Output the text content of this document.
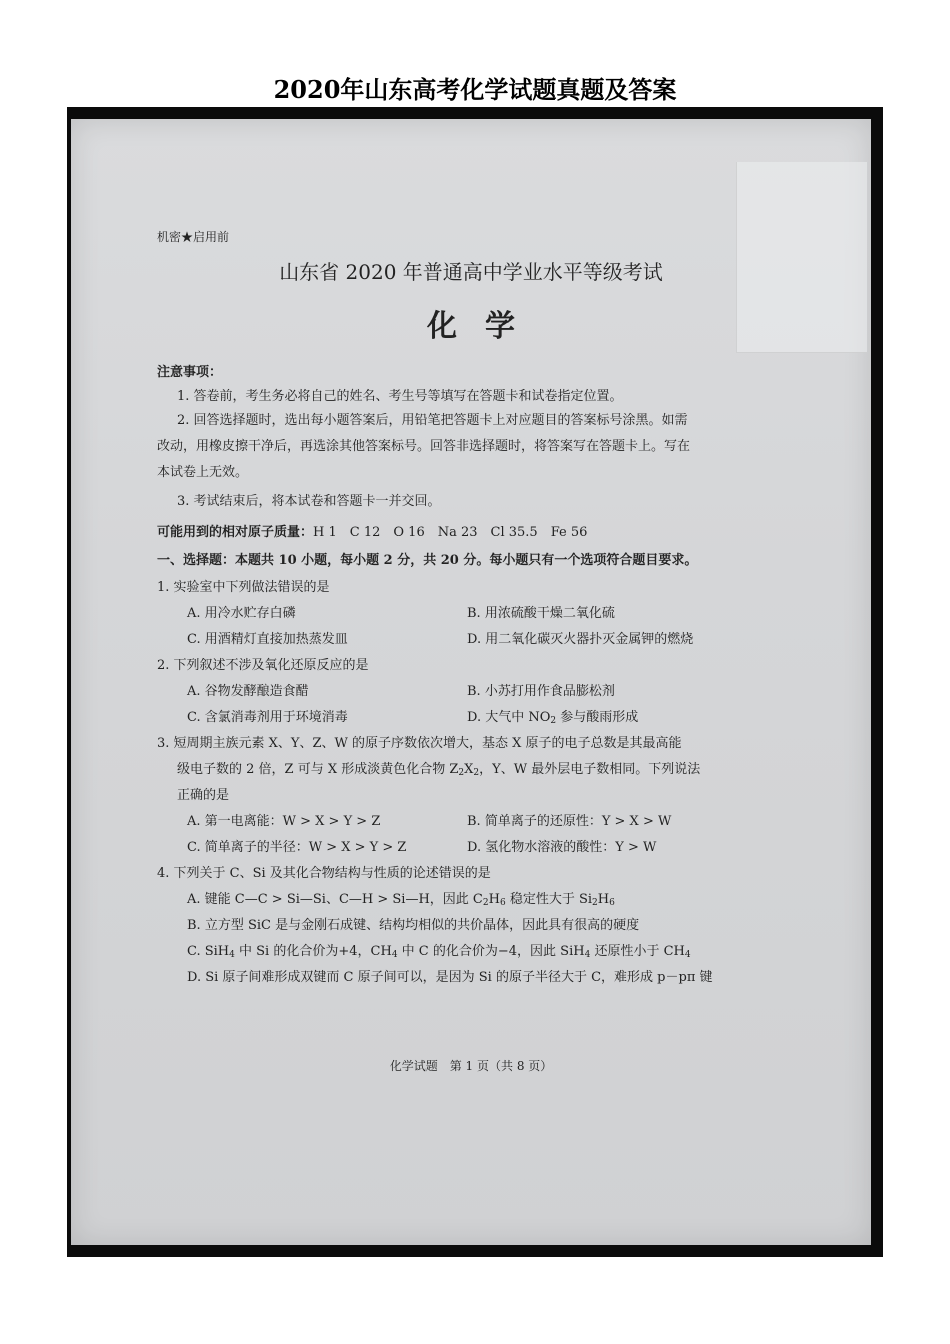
2020年山东高考化学试题真题及答案
机密★启用前
山东省 2020 年普通高中学业水平等级考试
化学
注意事项：
1. 答卷前，考生务必将自己的姓名、考生号等填写在答题卡和试卷指定位置。
2. 回答选择题时，选出每小题答案后，用铅笔把答题卡上对应题目的答案标号涂黑。如需
改动，用橡皮擦干净后，再选涂其他答案标号。回答非选择题时，将答案写在答题卡上。写在
本试卷上无效。
3. 考试结束后，将本试卷和答题卡一并交回。
可能用到的相对原子质量：H 1　C 12　O 16　Na 23　Cl 35.5　Fe 56
一、选择题：本题共 10 小题，每小题 2 分，共 20 分。每小题只有一个选项符合题目要求。
1. 实验室中下列做法错误的是
A. 用冷水贮存白磷	B. 用浓硫酸干燥二氧化硫
C. 用酒精灯直接加热蒸发皿	D. 用二氧化碳灭火器扑灭金属钾的燃烧
2. 下列叙述不涉及氧化还原反应的是
A. 谷物发酵酿造食醋	B. 小苏打用作食品膨松剂
C. 含氯消毒剂用于环境消毒	D. 大气中 $NO_2$ 参与酸雨形成
3. 短周期主族元素 X、Y、Z、W 的原子序数依次增大，基态 X 原子的电子总数是其最高能
级电子数的 2 倍，Z 可与 X 形成淡黄色化合物 $Z_2X_2$，Y、W 最外层电子数相同。下列说法
正确的是
A. 第一电离能：W > X > Y > Z	B. 简单离子的还原性：Y > X > W
C. 简单离子的半径：W > X > Y > Z	D. 氢化物水溶液的酸性：Y > W
4. 下列关于 C、Si 及其化合物结构与性质的论述错误的是
A. 键能 C—C > Si—Si、C—H > Si—H，因此 $C_2H_6$ 稳定性大于 $Si_2H_6$
B. 立方型 SiC 是与金刚石成键、结构均相似的共价晶体，因此具有很高的硬度
C. SiH$_4$ 中 Si 的化合价为+4，$CH_4$ 中 C 的化合价为−4，因此 SiH$_4$ 还原性小于 $CH_4$
D. Si 原子间难形成双键而 C 原子间可以，是因为 Si 的原子半径大于 C，难形成 p－pπ 键
化学试题　第 1 页（共 8 页）
